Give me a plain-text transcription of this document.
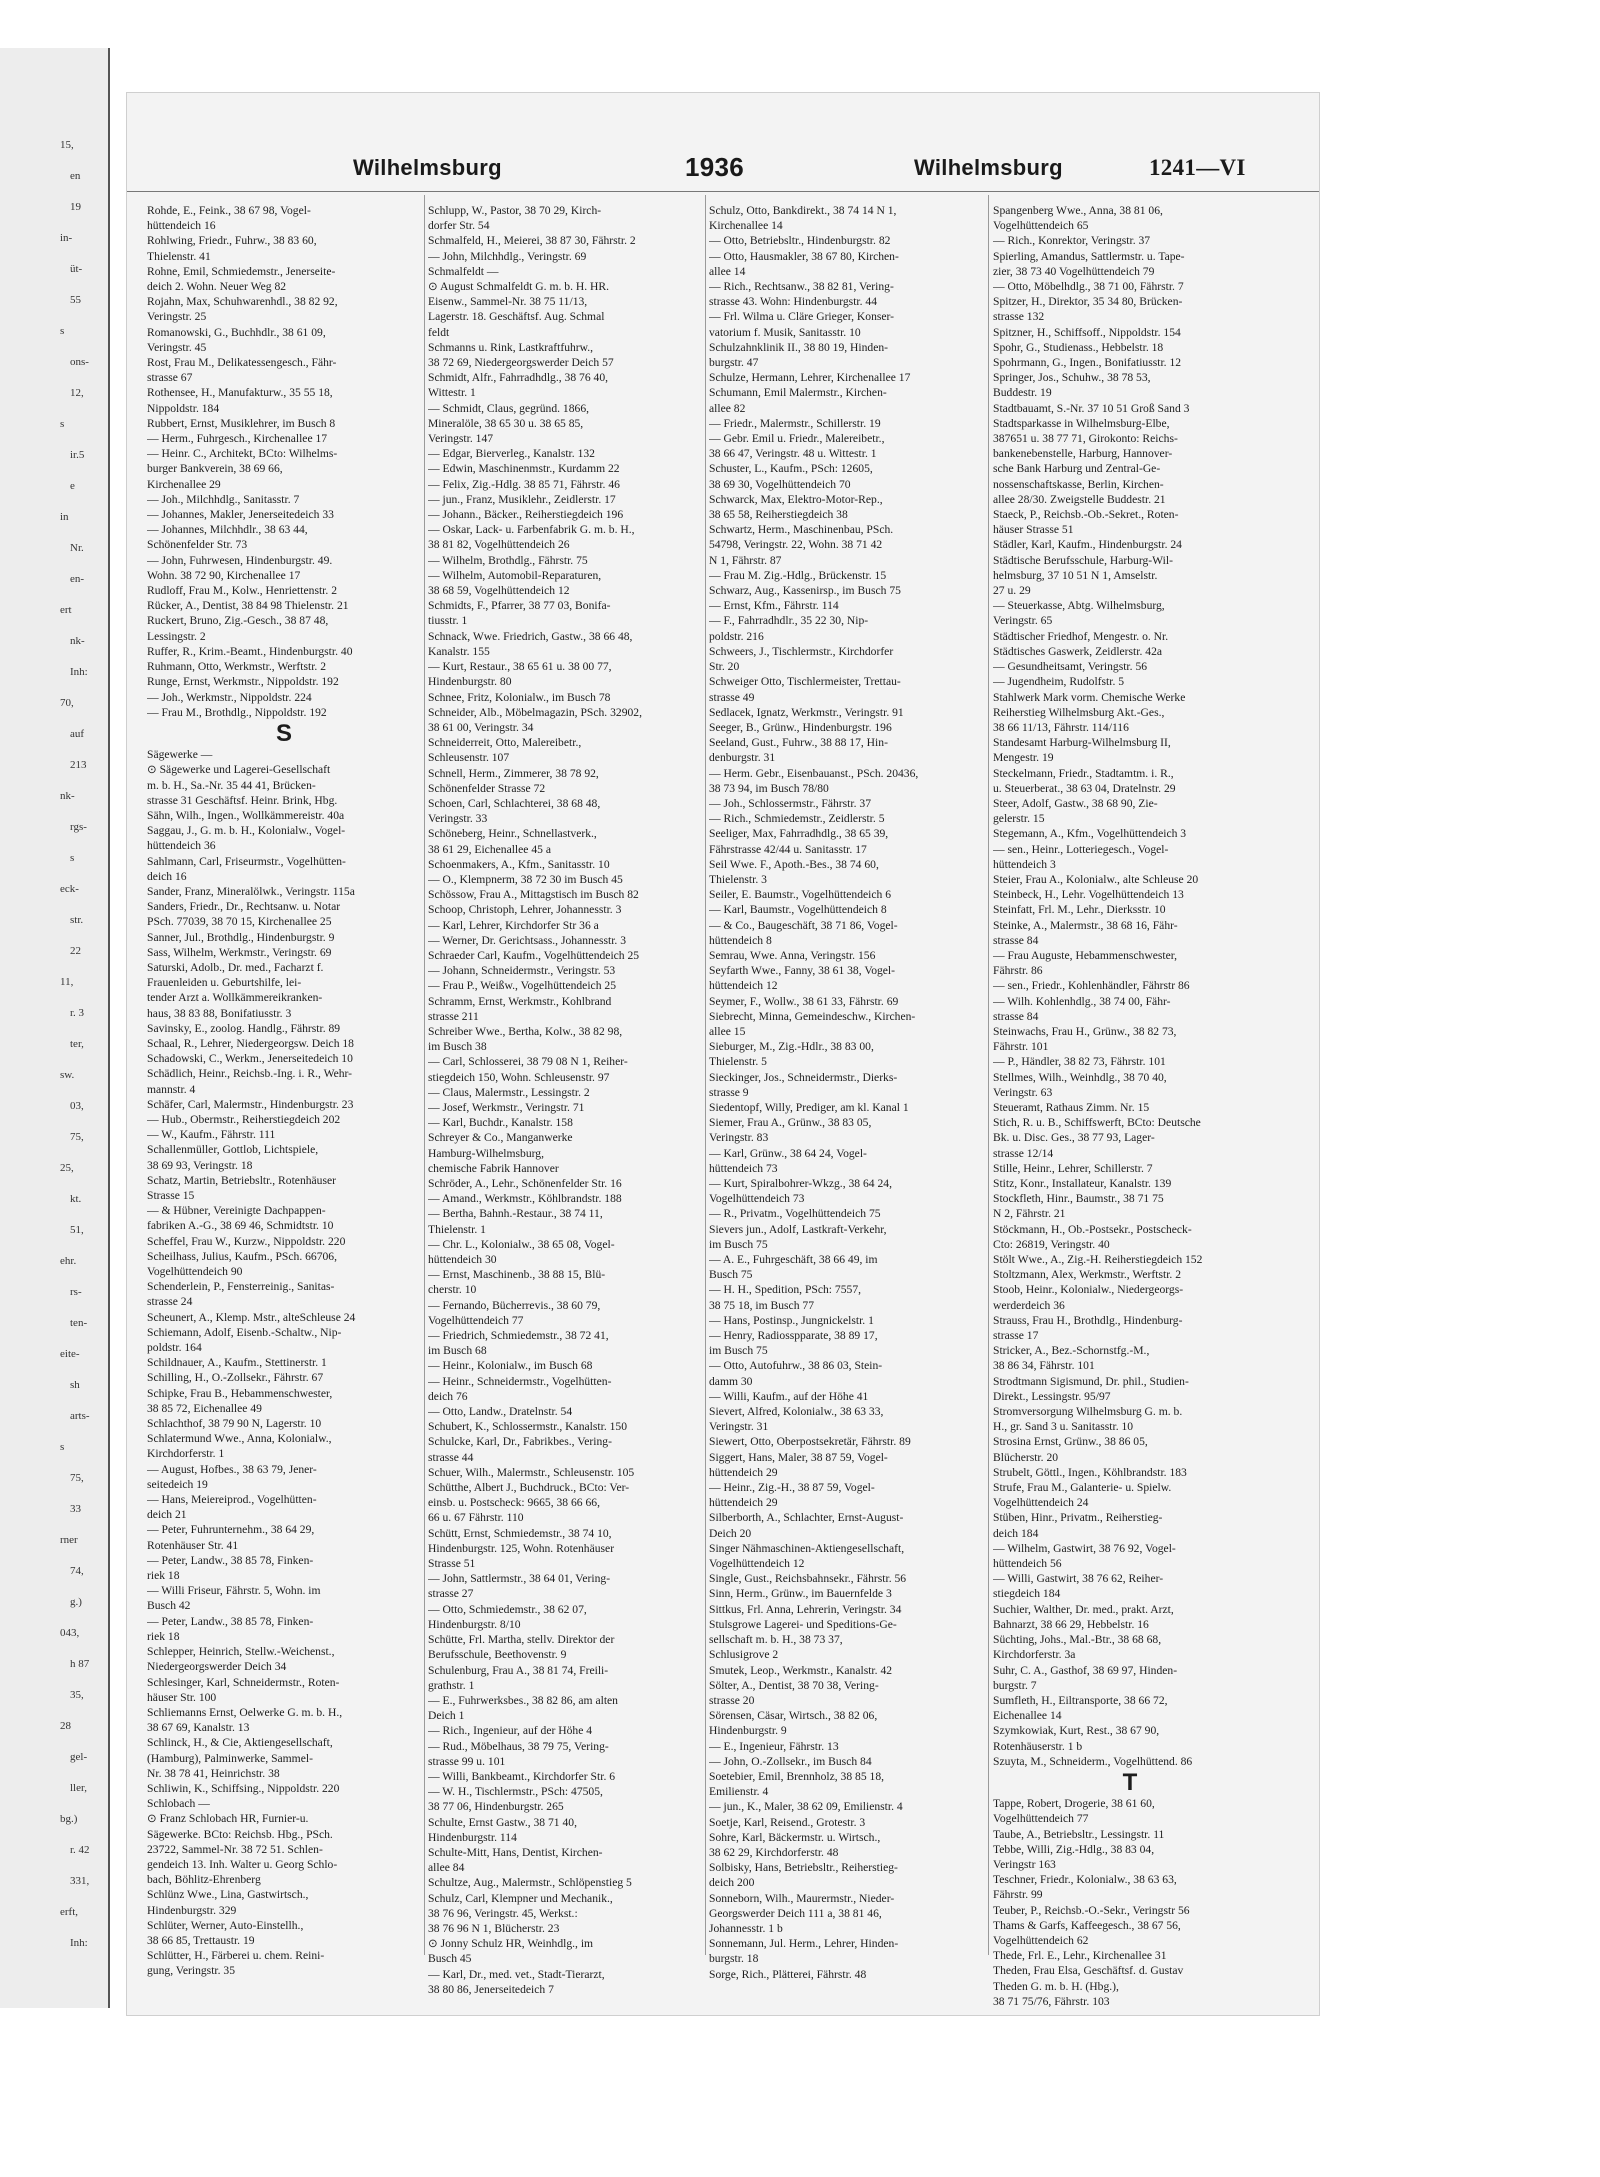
15,
en
19
in-
üt-
55
s
ons-
12,
s
ir.5
e
in
Nr.
en-
ert
nk-
Inh:
70,
auf
213
nk-
rgs-
s
eck-
str.
22
11,
r. 3
ter,
sw.
03,
75,
25,
kt.
51,
ehr.
rs-
ten-
eite-
sh
arts-
s
75,
33
rner
74,
g.)
043,
h 87
35,
28
gel-
ller,
bg.)
r. 42
331,
erft,
Inh:
Wilhelmsburg	1936	Wilhelmsburg	1241—VI

Rohde, E., Feink., 38 67 98, Vogel-

hüttendeich 16

Rohlwing, Friedr., Fuhrw., 38 83 60,

Thielenstr. 41

Rohne, Emil, Schmiedemstr., Jenerseite-

deich 2. Wohn. Neuer Weg 82

Rojahn, Max, Schuhwarenhdl., 38 82 92,

Veringstr. 25

Romanowski, G., Buchhdlr., 38 61 09,

Veringstr. 45

Rost, Frau M., Delikatessengesch., Fähr-

strasse 67

Rothensee, H., Manufakturw., 35 55 18,

Nippoldstr. 184

Rubbert, Ernst, Musiklehrer, im Busch 8

— Herm., Fuhrgesch., Kirchenallee 17

— Heinr. C., Architekt, BCto: Wilhelms-

burger Bankverein, 38 69 66,

Kirchenallee 29

— Joh., Milchhdlg., Sanitasstr. 7

— Johannes, Makler, Jenerseitedeich 33

— Johannes, Milchhdlr., 38 63 44,

Schönenfelder Str. 73

— John, Fuhrwesen, Hindenburgstr. 49.

Wohn. 38 72 90, Kirchenallee 17

Rudloff, Frau M., Kolw., Henriettenstr. 2

Rücker, A., Dentist, 38 84 98 Thielenstr. 21

Ruckert, Bruno, Zig.-Gesch., 38 87 48,

Lessingstr. 2

Ruffer, R., Krim.-Beamt., Hindenburgstr. 40

Ruhmann, Otto, Werkmstr., Werftstr. 2

Runge, Ernst, Werkmstr., Nippoldstr. 192

— Joh., Werkmstr., Nippoldstr. 224

— Frau M., Brothdlg., Nippoldstr. 192

S

Sägewerke —

⊙ Sägewerke und Lagerei-Gesellschaft

m. b. H., Sa.-Nr. 35 44 41, Brücken-

strasse 31 Geschäftsf. Heinr. Brink, Hbg.

Sähn, Wilh., Ingen., Wollkämmereistr. 40a

Saggau, J., G. m. b. H., Kolonialw., Vogel-

hüttendeich 36

Sahlmann, Carl, Friseurmstr., Vogelhütten-

deich 16

Sander, Franz, Mineralölwk., Veringstr. 115a

Sanders, Friedr., Dr., Rechtsanw. u. Notar

PSch. 77039, 38 70 15, Kirchenallee 25

Sanner, Jul., Brothdlg., Hindenburgstr. 9

Sass, Wilhelm, Werkmstr., Veringstr. 69

Saturski, Adolb., Dr. med., Facharzt f.

Frauenleiden u. Geburtshilfe, lei-

tender Arzt a. Wollkämmereikranken-

haus, 38 83 88, Bonifatiusstr. 3

Savinsky, E., zoolog. Handlg., Fährstr. 89

Schaal, R., Lehrer, Niedergeorgsw. Deich 18

Schadowski, C., Werkm., Jenerseitedeich 10

Schädlich, Heinr., Reichsb.-Ing. i. R., Wehr-

mannstr. 4

Schäfer, Carl, Malermstr., Hindenburgstr. 23

— Hub., Obermstr., Reiherstiegdeich 202

— W., Kaufm., Fährstr. 111

Schallenmüller, Gottlob, Lichtspiele,

38 69 93, Veringstr. 18

Schatz, Martin, Betriebsltr., Rotenhäuser

Strasse 15

— & Hübner, Vereinigte Dachpappen-

fabriken A.-G., 38 69 46, Schmidtstr. 10

Scheffel, Frau W., Kurzw., Nippoldstr. 220

Scheilhass, Julius, Kaufm., PSch. 66706,

Vogelhüttendeich 90

Schenderlein, P., Fensterreinig., Sanitas-

strasse 24

Scheunert, A., Klemp. Mstr., alteSchleuse 24

Schiemann, Adolf, Eisenb.-Schaltw., Nip-

poldstr. 164

Schildnauer, A., Kaufm., Stettinerstr. 1

Schilling, H., O.-Zollsekr., Fährstr. 67

Schipke, Frau B., Hebammenschwester,

38 85 72, Eichenallee 49

Schlachthof, 38 79 90 N, Lagerstr. 10

Schlatermund Wwe., Anna, Kolonialw.,

Kirchdorferstr. 1

— August, Hofbes., 38 63 79, Jener-

seitedeich 19

— Hans, Meiereiprod., Vogelhütten-

deich 21

— Peter, Fuhrunternehm., 38 64 29,

Rotenhäuser Str. 41

— Peter, Landw., 38 85 78, Finken-

riek 18

— Willi Friseur, Fährstr. 5, Wohn. im

Busch 42

— Peter, Landw., 38 85 78, Finken-

riek 18

Schlepper, Heinrich, Stellw.-Weichenst.,

Niedergeorgswerder Deich 34

Schlesinger, Karl, Schneidermstr., Roten-

häuser Str. 100

Schliemanns Ernst, Oelwerke G. m. b. H.,

38 67 69, Kanalstr. 13

Schlinck, H., & Cie, Aktiengesellschaft,

(Hamburg), Palminwerke, Sammel-

Nr. 38 78 41, Heinrichstr. 38

Schliwin, K., Schiffsing., Nippoldstr. 220

Schlobach —

⊙ Franz Schlobach HR, Furnier-u.

Sägewerke. BCto: Reichsb. Hbg., PSch.

23722, Sammel-Nr. 38 72 51. Schlen-

gendeich 13. Inh. Walter u. Georg Schlo-

bach, Böhlitz-Ehrenberg

Schlünz Wwe., Lina, Gastwirtsch.,

Hindenburgstr. 329

Schlüter, Werner, Auto-Einstellh.,

38 66 85, Trettaustr. 19

Schlütter, H., Färberei u. chem. Reini-

gung, Veringstr. 35

Schlupp, W., Pastor, 38 70 29, Kirch-

dorfer Str. 54

Schmalfeld, H., Meierei, 38 87 30, Fährstr. 2

— John, Milchhdlg., Veringstr. 69

Schmalfeldt —

⊙ August Schmalfeldt G. m. b. H. HR.

Eisenw., Sammel-Nr. 38 75 11/13,

Lagerstr. 18. Geschäftsf. Aug. Schmal

feldt

Schmanns u. Rink, Lastkraftfuhrw.,

38 72 69, Niedergeorgswerder Deich 57

Schmidt, Alfr., Fahrradhdlg., 38 76 40,

Wittestr. 1

— Schmidt, Claus, gegründ. 1866,

Mineralöle, 38 65 30 u. 38 65 85,

Veringstr. 147

— Edgar, Bierverleg., Kanalstr. 132

— Edwin, Maschinenmstr., Kurdamm 22

— Felix, Zig.-Hdlg. 38 85 71, Fährstr. 46

— jun., Franz, Musiklehr., Zeidlerstr. 17

— Johann., Bäcker., Reiherstiegdeich 196

— Oskar, Lack- u. Farbenfabrik G. m. b. H.,

38 81 82, Vogelhüttendeich 26

— Wilhelm, Brothdlg., Fährstr. 75

— Wilhelm, Automobil-Reparaturen,

38 68 59, Vogelhüttendeich 12

Schmidts, F., Pfarrer, 38 77 03, Bonifa-

tiusstr. 1

Schnack, Wwe. Friedrich, Gastw., 38 66 48,

Kanalstr. 155

— Kurt, Restaur., 38 65 61 u. 38 00 77,

Hindenburgstr. 80

Schnee, Fritz, Kolonialw., im Busch 78

Schneider, Alb., Möbelmagazin, PSch. 32902,

38 61 00, Veringstr. 34

Schneiderreit, Otto, Malereibetr.,

Schleusenstr. 107

Schnell, Herm., Zimmerer, 38 78 92,

Schönenfelder Strasse 72

Schoen, Carl, Schlachterei, 38 68 48,

Veringstr. 33

Schöneberg, Heinr., Schnellastverk.,

38 61 29, Eichenallee 45 a

Schoenmakers, A., Kfm., Sanitasstr. 10

— O., Klempnerm, 38 72 30 im Busch 45

Schössow, Frau A., Mittagstisch im Busch 82

Schoop, Christoph, Lehrer, Johannesstr. 3

— Karl, Lehrer, Kirchdorfer Str 36 a

— Werner, Dr. Gerichtsass., Johannesstr. 3

Schraeder Carl, Kaufm., Vogelhüttendeich 25

— Johann, Schneidermstr., Veringstr. 53

— Frau P., Weißw., Vogelhüttendeich 25

Schramm, Ernst, Werkmstr., Kohlbrand

strasse 211

Schreiber Wwe., Bertha, Kolw., 38 82 98,

im Busch 38

— Carl, Schlosserei, 38 79 08 N 1, Reiher-

stiegdeich 150, Wohn. Schleusenstr. 97

— Claus, Malermstr., Lessingstr. 2

— Josef, Werkmstr., Veringstr. 71

— Karl, Buchdr., Kanalstr. 158

Schreyer & Co., Manganwerke

Hamburg-Wilhelmsburg,

chemische Fabrik Hannover

Schröder, A., Lehr., Schönenfelder Str. 16

— Amand., Werkmstr., Köhlbrandstr. 188

— Bertha, Bahnh.-Restaur., 38 74 11,

Thielenstr. 1

— Chr. L., Kolonialw., 38 65 08, Vogel-

hüttendeich 30

— Ernst, Maschinenb., 38 88 15, Blü-

cherstr. 10

— Fernando, Bücherrevis., 38 60 79,

Vogelhüttendeich 77

— Friedrich, Schmiedemstr., 38 72 41,

im Busch 68

— Heinr., Kolonialw., im Busch 68

— Heinr., Schneidermstr., Vogelhütten-

deich 76

— Otto, Landw., Dratelnstr. 54

Schubert, K., Schlossermstr., Kanalstr. 150

Schulcke, Karl, Dr., Fabrikbes., Vering-

strasse 44

Schuer, Wilh., Malermstr., Schleusenstr. 105

Schütthe, Albert J., Buchdruck., BCto: Ver-

einsb. u. Postscheck: 9665, 38 66 66,

66 u. 67 Fährstr. 110

Schütt, Ernst, Schmiedemstr., 38 74 10,

Hindenburgstr. 125, Wohn. Rotenhäuser

Strasse 51

— John, Sattlermstr., 38 64 01, Vering-

strasse 27

— Otto, Schmiedemstr., 38 62 07,

Hindenburgstr. 8/10

Schütte, Frl. Martha, stellv. Direktor der

Berufsschule, Beethovenstr. 9

Schulenburg, Frau A., 38 81 74, Freili-

grathstr. 1

— E., Fuhrwerksbes., 38 82 86, am alten

Deich 1

— Rich., Ingenieur, auf der Höhe 4

— Rud., Möbelhaus, 38 79 75, Vering-

strasse 99 u. 101

— Willi, Bankbeamt., Kirchdorfer Str. 6

— W. H., Tischlermstr., PSch: 47505,

38 77 06, Hindenburgstr. 265

Schulte, Ernst Gastw., 38 71 40,

Hindenburgstr. 114

Schulte-Mitt, Hans, Dentist, Kirchen-

allee 84

Schultze, Aug., Malermstr., Schlöpenstieg 5

Schulz, Carl, Klempner und Mechanik.,

38 76 96, Veringstr. 45, Werkst.:

38 76 96 N 1, Blücherstr. 23

⊙ Jonny Schulz HR, Weinhdlg., im

Busch 45

— Karl, Dr., med. vet., Stadt-Tierarzt,

38 80 86, Jenerseitedeich 7

Schulz, Otto, Bankdirekt., 38 74 14 N 1,

Kirchenallee 14

— Otto, Betriebsltr., Hindenburgstr. 82

— Otto, Hausmakler, 38 67 80, Kirchen-

allee 14

— Rich., Rechtsanw., 38 82 81, Vering-

strasse 43. Wohn: Hindenburgstr. 44

— Frl. Wilma u. Cläre Grieger, Konser-

vatorium f. Musik, Sanitasstr. 10

Schulzahnklinik II., 38 80 19, Hinden-

burgstr. 47

Schulze, Hermann, Lehrer, Kirchenallee 17

Schumann, Emil Malermstr., Kirchen-

allee 82

— Friedr., Malermstr., Schillerstr. 19

— Gebr. Emil u. Friedr., Malereibetr.,

38 66 47, Veringstr. 48 u. Wittestr. 1

Schuster, L., Kaufm., PSch: 12605,

38 69 30, Vogelhüttendeich 70

Schwarck, Max, Elektro-Motor-Rep.,

38 65 58, Reiherstiegdeich 38

Schwartz, Herm., Maschinenbau, PSch.

54798, Veringstr. 22, Wohn. 38 71 42

N 1, Fährstr. 87

— Frau M. Zig.-Hdlg., Brückenstr. 15

Schwarz, Aug., Kassenirsp., im Busch 75

— Ernst, Kfm., Fährstr. 114

— F., Fahrradhdlr., 35 22 30, Nip-

poldstr. 216

Schweers, J., Tischlermstr., Kirchdorfer

Str. 20

Schweiger Otto, Tischlermeister, Trettau-

strasse 49

Sedlacek, Ignatz, Werkmstr., Veringstr. 91

Seeger, B., Grünw., Hindenburgstr. 196

Seeland, Gust., Fuhrw., 38 88 17, Hin-

denburgstr. 31

— Herm. Gebr., Eisenbauanst., PSch. 20436,

38 73 94, im Busch 78/80

— Joh., Schlossermstr., Fährstr. 37

— Rich., Schmiedemstr., Zeidlerstr. 5

Seeliger, Max, Fahrradhdlg., 38 65 39,

Fährstrasse 42/44 u. Sanitasstr. 17

Seil Wwe. F., Apoth.-Bes., 38 74 60,

Thielenstr. 3

Seiler, E. Baumstr., Vogelhüttendeich 6

— Karl, Baumstr., Vogelhüttendeich 8

— & Co., Baugeschäft, 38 71 86, Vogel-

hüttendeich 8

Semrau, Wwe. Anna, Veringstr. 156

Seyfarth Wwe., Fanny, 38 61 38, Vogel-

hüttendeich 12

Seymer, F., Wollw., 38 61 33, Fährstr. 69

Siebrecht, Minna, Gemeindeschw., Kirchen-

allee 15

Sieburger, M., Zig.-Hdlr., 38 83 00,

Thielenstr. 5

Sieckinger, Jos., Schneidermstr., Dierks-

strasse 9

Siedentopf, Willy, Prediger, am kl. Kanal 1

Siemer, Frau A., Grünw., 38 83 05,

Veringstr. 83

— Karl, Grünw., 38 64 24, Vogel-

hüttendeich 73

— Kurt, Spiralbohrer-Wkzg., 38 64 24,

Vogelhüttendeich 73

— R., Privatm., Vogelhüttendeich 75

Sievers jun., Adolf, Lastkraft-Verkehr,

im Busch 75

— A. E., Fuhrgeschäft, 38 66 49, im

Busch 75

— H. H., Spedition, PSch: 7557,

38 75 18, im Busch 77

— Hans, Postinsp., Jungnickelstr. 1

— Henry, Radiosspparate, 38 89 17,

im Busch 75

— Otto, Autofuhrw., 38 86 03, Stein-

damm 30

— Willi, Kaufm., auf der Höhe 41

Sievert, Alfred, Kolonialw., 38 63 33,

Veringstr. 31

Siewert, Otto, Oberpostsekretär, Fährstr. 89

Siggert, Hans, Maler, 38 87 59, Vogel-

hüttendeich 29

— Heinr., Zig.-H., 38 87 59, Vogel-

hüttendeich 29

Silberborth, A., Schlachter, Ernst-August-

Deich 20

Singer Nähmaschinen-Aktiengesellschaft,

Vogelhüttendeich 12

Single, Gust., Reichsbahnsekr., Fährstr. 56

Sinn, Herm., Grünw., im Bauernfelde 3

Sittkus, Frl. Anna, Lehrerin, Veringstr. 34

Stulsgrowe Lagerei- und Speditions-Ge-

sellschaft m. b. H., 38 73 37,

Schlusigrove 2

Smutek, Leop., Werkmstr., Kanalstr. 42

Sölter, A., Dentist, 38 70 38, Vering-

strasse 20

Sörensen, Cäsar, Wirtsch., 38 82 06,

Hindenburgstr. 9

— E., Ingenieur, Fährstr. 13

— John, O.-Zollsekr., im Busch 84

Soetebier, Emil, Brennholz, 38 85 18,

Emilienstr. 4

— jun., K., Maler, 38 62 09, Emilienstr. 4

Soetje, Karl, Reisend., Grotestr. 3

Sohre, Karl, Bäckermstr. u. Wirtsch.,

38 62 29, Kirchdorferstr. 48

Solbisky, Hans, Betriebsltr., Reiherstieg-

deich 200

Sonneborn, Wilh., Maurermstr., Nieder-

Georgswerder Deich 111 a, 38 81 46,

Johannesstr. 1 b

Sonnemann, Jul. Herm., Lehrer, Hinden-

burgstr. 18

Sorge, Rich., Plätterei, Fährstr. 48

Spangenberg Wwe., Anna, 38 81 06,

Vogelhüttendeich 65

— Rich., Konrektor, Veringstr. 37

Spierling, Amandus, Sattlermstr. u. Tape-

zier, 38 73 40 Vogelhüttendeich 79

— Otto, Möbelhdlg., 38 71 00, Fährstr. 7

Spitzer, H., Direktor, 35 34 80, Brücken-

strasse 132

Spitzner, H., Schiffsoff., Nippoldstr. 154

Spohr, G., Studienass., Hebbelstr. 18

Spohrmann, G., Ingen., Bonifatiusstr. 12

Springer, Jos., Schuhw., 38 78 53,

Buddestr. 19

Stadtbauamt, S.-Nr. 37 10 51 Groß Sand 3

Stadtsparkasse in Wilhelmsburg-Elbe,

387651 u. 38 77 71, Girokonto: Reichs-

bankenebenstelle, Harburg, Hannover-

sche Bank Harburg und Zentral-Ge-

nossenschaftskasse, Berlin, Kirchen-

allee 28/30. Zweigstelle Buddestr. 21

Staeck, P., Reichsb.-Ob.-Sekret., Roten-

häuser Strasse 51

Städler, Karl, Kaufm., Hindenburgstr. 24

Städtische Berufsschule, Harburg-Wil-

helmsburg, 37 10 51 N 1, Amselstr.

27 u. 29

— Steuerkasse, Abtg. Wilhelmsburg,

Veringstr. 65

Städtischer Friedhof, Mengestr. o. Nr.

Städtisches Gaswerk, Zeidlerstr. 42a

— Gesundheitsamt, Veringstr. 56

— Jugendheim, Rudolfstr. 5

Stahlwerk Mark vorm. Chemische Werke

Reiherstieg Wilhelmsburg Akt.-Ges.,

38 66 11/13, Fährstr. 114/116

Standesamt Harburg-Wilhelmsburg II,

Mengestr. 19

Steckelmann, Friedr., Stadtamtm. i. R.,

u. Steuerberat., 38 63 04, Dratelnstr. 29

Steer, Adolf, Gastw., 38 68 90, Zie-

gelerstr. 15

Stegemann, A., Kfm., Vogelhüttendeich 3

— sen., Heinr., Lotteriegesch., Vogel-

hüttendeich 3

Steier, Frau A., Kolonialw., alte Schleuse 20

Steinbeck, H., Lehr. Vogelhüttendeich 13

Steinfatt, Frl. M., Lehr., Dierksstr. 10

Steinke, A., Malermstr., 38 68 16, Fähr-

strasse 84

— Frau Auguste, Hebammenschwester,

Fährstr. 86

— sen., Friedr., Kohlenhändler, Fährstr 86

— Wilh. Kohlenhdlg., 38 74 00, Fähr-

strasse 84

Steinwachs, Frau H., Grünw., 38 82 73,

Fährstr. 101

— P., Händler, 38 82 73, Fährstr. 101

Stellmes, Wilh., Weinhdlg., 38 70 40,

Veringstr. 63

Steueramt, Rathaus Zimm. Nr. 15

Stich, R. u. B., Schiffswerft, BCto: Deutsche

Bk. u. Disc. Ges., 38 77 93, Lager-

strasse 12/14

Stille, Heinr., Lehrer, Schillerstr. 7

Stitz, Konr., Installateur, Kanalstr. 139

Stockfleth, Hinr., Baumstr., 38 71 75

N 2, Fährstr. 21

Stöckmann, H., Ob.-Postsekr., Postscheck-

Cto: 26819, Veringstr. 40

Stölt Wwe., A., Zig.-H. Reiherstiegdeich 152

Stoltzmann, Alex, Werkmstr., Werftstr. 2

Stoob, Heinr., Kolonialw., Niedergeorgs-

werderdeich 36

Strauss, Frau H., Brothdlg., Hindenburg-

strasse 17

Stricker, A., Bez.-Schornstfg.-M.,

38 86 34, Fährstr. 101

Strodtmann Sigismund, Dr. phil., Studien-

Direkt., Lessingstr. 95/97

Stromversorgung Wilhelmsburg G. m. b.

H., gr. Sand 3 u. Sanitasstr. 10

Strosina Ernst, Grünw., 38 86 05,

Blücherstr. 20

Strubelt, Göttl., Ingen., Köhlbrandstr. 183

Strufe, Frau M., Galanterie- u. Spielw.

Vogelhüttendeich 24

Stüben, Hinr., Privatm., Reiherstieg-

deich 184

— Wilhelm, Gastwirt, 38 76 92, Vogel-

hüttendeich 56

— Willi, Gastwirt, 38 76 62, Reiher-

stiegdeich 184

Suchier, Walther, Dr. med., prakt. Arzt,

Bahnarzt, 38 66 29, Hebbelstr. 16

Süchting, Johs., Mal.-Btr., 38 68 68,

Kirchdorferstr. 3a

Suhr, C. A., Gasthof, 38 69 97, Hinden-

burgstr. 7

Sumfleth, H., Eiltransporte, 38 66 72,

Eichenallee 14

Szymkowiak, Kurt, Rest., 38 67 90,

Rotenhäuserstr. 1 b

Szuyta, M., Schneiderm., Vogelhüttend. 86

T

Tappe, Robert, Drogerie, 38 61 60,

Vogelhüttendeich 77

Taube, A., Betriebsltr., Lessingstr. 11

Tebbe, Willi, Zig.-Hdlg., 38 83 04,

Veringstr 163

Teschner, Friedr., Kolonialw., 38 63 63,

Fährstr. 99

Teuber, P., Reichsb.-O.-Sekr., Veringstr 56

Thams & Garfs, Kaffeegesch., 38 67 56,

Vogelhüttendeich 62

Thede, Frl. E., Lehr., Kirchenallee 31

Theden, Frau Elsa, Geschäftsf. d. Gustav

Theden G. m. b. H. (Hbg.),

38 71 75/76, Fährstr. 103
